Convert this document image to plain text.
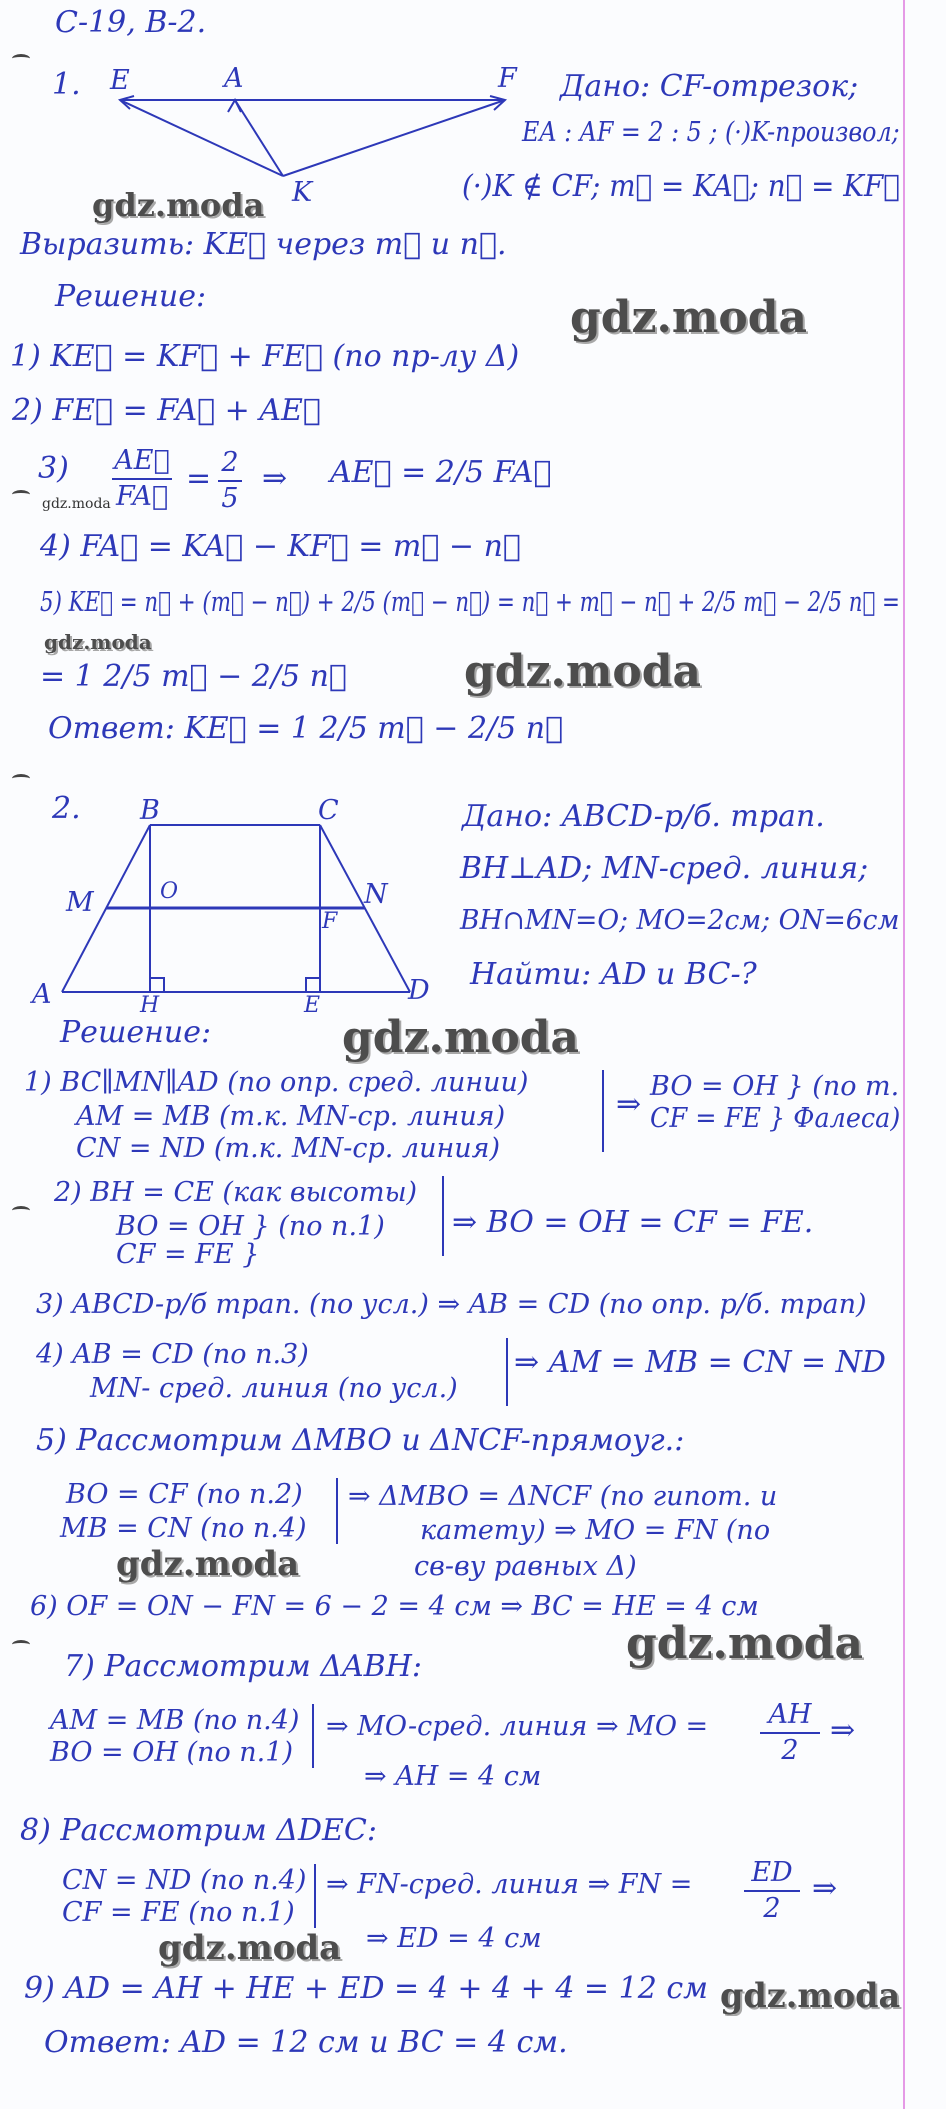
С-19, В-2.
1. E	A	F
K
Дано: CF-отрезок;
EA : AF = 2 : 5 ; (·)K-произвол;
(·)K ∉ CF; m⃗ = KA⃗; n⃗ = KF⃗
gdz.moda
Выразить: KE⃗ через m⃗ и n⃗.
Решение:	gdz.moda
1) KE⃗ = KF⃗ + FE⃗ (по пр-лу Δ)
2) FE⃗ = FA⃗ + AE⃗
3) AE⃗
FA⃗
= 2
5
⇒ AE⃗ = 2/5 FA⃗
gdz.moda
4) FA⃗ = KA⃗ − KF⃗ = m⃗ − n⃗
5) KE⃗ = n⃗ + (m⃗ − n⃗) + 2/5 (m⃗ − n⃗) = n⃗ + m⃗ − n⃗ + 2/5 m⃗ − 2/5 n⃗ =
gdz.moda
= 1 2/5 m⃗ − 2/5 n⃗	gdz.moda
Ответ: KE⃗ = 1 2/5 m⃗ − 2/5 n⃗
2. B	C
M	O	N
F
A	H	E	D
Дано: ABCD-р/б. трап.
BH⊥AD; MN-сред. линия;
BH∩MN=O; MO=2см; ON=6см
Найти: AD и BC-?
Решение:	gdz.moda
1) BC∥MN∥AD (по опр. сред. линии)
AM = MB (т.к. MN-ср. линия)
CN = ND (т.к. MN-ср. линия)
⇒
BO = OH } (по т.
CF = FE } Фалеса)
2) BH = CE (как высоты)
BO = OH } (по п.1)
CF = FE }
⇒ BO = OH = CF = FE.
3) ABCD-р/б трап. (по усл.) ⇒ AB = CD (по опр. р/б. трап)
4) AB = CD (по п.3)
MN- сред. линия (по усл.)
⇒ AM = MB = CN = ND
5) Рассмотрим ΔMBO и ΔNCF-прямоуг.:
BO = CF (по п.2)
MB = CN (по п.4)
⇒ ΔMBO = ΔNCF (по гипот. и
катету) ⇒ MO = FN (по
св-ву равных Δ)
gdz.moda
6) OF = ON − FN = 6 − 2 = 4 см ⇒ BC = HE = 4 см
gdz.moda
7) Рассмотрим ΔABH:
AM = MB (по п.4)
BO = OH (по п.1)
⇒ MO-сред. линия ⇒ MO =	AH
2
⇒
⇒ AH = 4 см
8) Рассмотрим ΔDEC:
CN = ND (по п.4)
CF = FE (по п.1)
⇒ FN-сред. линия ⇒ FN = ED
2
⇒
gdz.moda ⇒ ED = 4 см
9) AD = AH + HE + ED = 4 + 4 + 4 = 12 см gdz.moda
Ответ: AD = 12 см и BC = 4 см.
